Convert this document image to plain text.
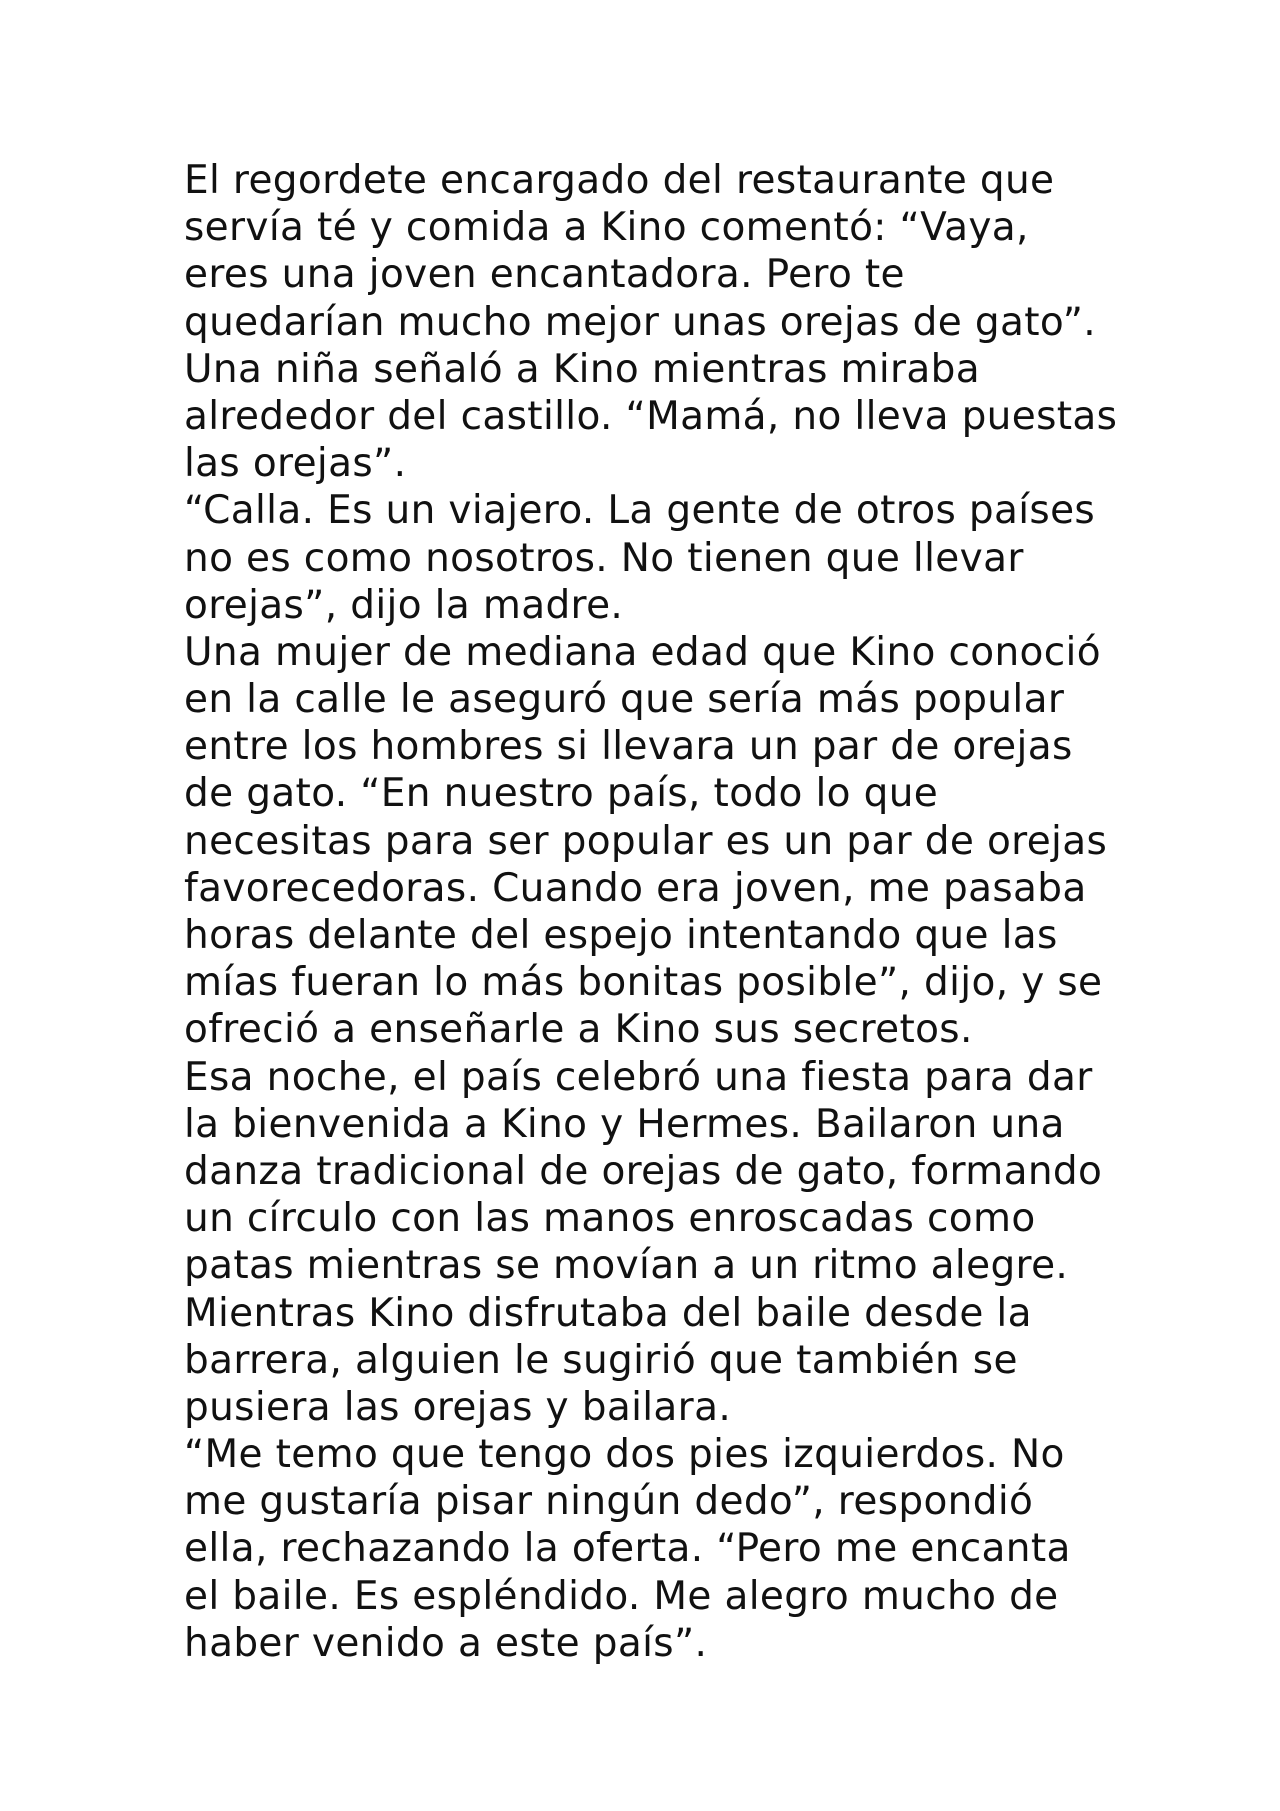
El regordete encargado del restaurante que
servía té y comida a Kino comentó: “Vaya,
eres una joven encantadora. Pero te
quedarían mucho mejor unas orejas de gato”.
Una niña señaló a Kino mientras miraba
alrededor del castillo. “Mamá, no lleva puestas
las orejas”.
“Calla. Es un viajero. La gente de otros países
no es como nosotros. No tienen que llevar
orejas”, dijo la madre.
Una mujer de mediana edad que Kino conoció
en la calle le aseguró que sería más popular
entre los hombres si llevara un par de orejas
de gato. “En nuestro país, todo lo que
necesitas para ser popular es un par de orejas
favorecedoras. Cuando era joven, me pasaba
horas delante del espejo intentando que las
mías fueran lo más bonitas posible”, dijo, y se
ofreció a enseñarle a Kino sus secretos.
Esa noche, el país celebró una fiesta para dar
la bienvenida a Kino y Hermes. Bailaron una
danza tradicional de orejas de gato, formando
un círculo con las manos enroscadas como
patas mientras se movían a un ritmo alegre.
Mientras Kino disfrutaba del baile desde la
barrera, alguien le sugirió que también se
pusiera las orejas y bailara.
“Me temo que tengo dos pies izquierdos. No
me gustaría pisar ningún dedo”, respondió
ella, rechazando la oferta. “Pero me encanta
el baile. Es espléndido. Me alegro mucho de
haber venido a este país”.
